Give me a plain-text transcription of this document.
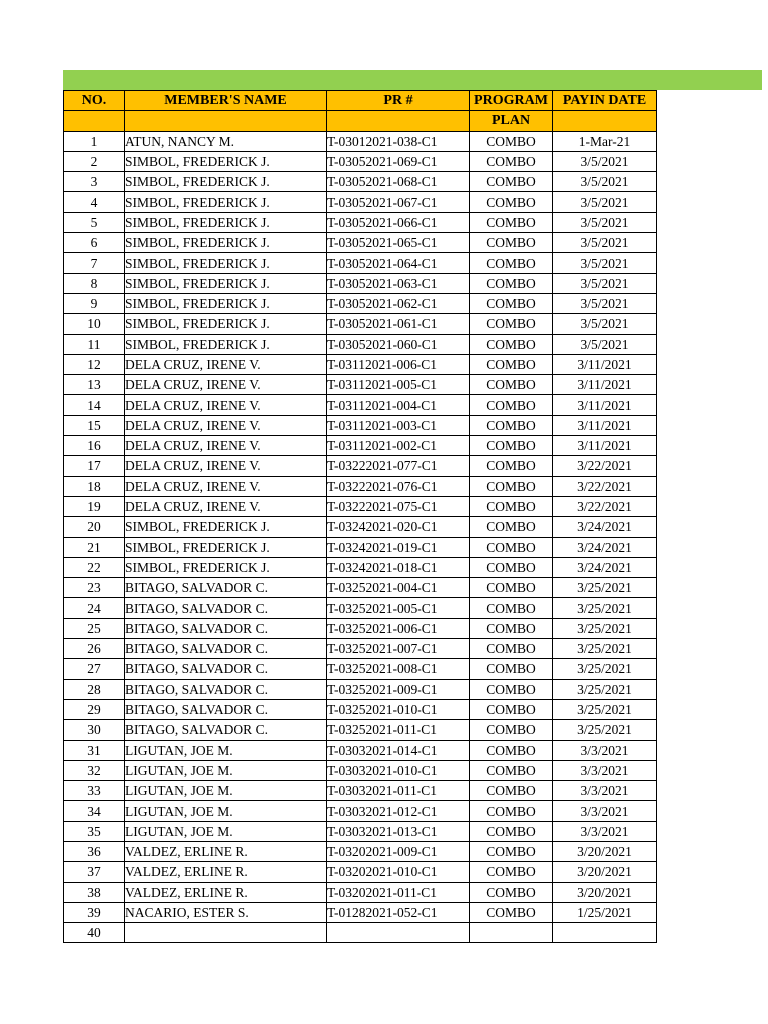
NO.	MEMBER'S NAME	PR #	PROGRAM	PAYIN DATE
			PLAN	
1	ATUN, NANCY M.	T-03012021-038-C1	COMBO	1-Mar-21
2	SIMBOL, FREDERICK J.	T-03052021-069-C1	COMBO	3/5/2021
3	SIMBOL, FREDERICK J.	T-03052021-068-C1	COMBO	3/5/2021
4	SIMBOL, FREDERICK J.	T-03052021-067-C1	COMBO	3/5/2021
5	SIMBOL, FREDERICK J.	T-03052021-066-C1	COMBO	3/5/2021
6	SIMBOL, FREDERICK J.	T-03052021-065-C1	COMBO	3/5/2021
7	SIMBOL, FREDERICK J.	T-03052021-064-C1	COMBO	3/5/2021
8	SIMBOL, FREDERICK J.	T-03052021-063-C1	COMBO	3/5/2021
9	SIMBOL, FREDERICK J.	T-03052021-062-C1	COMBO	3/5/2021
10	SIMBOL, FREDERICK J.	T-03052021-061-C1	COMBO	3/5/2021
11	SIMBOL, FREDERICK J.	T-03052021-060-C1	COMBO	3/5/2021
12	DELA CRUZ, IRENE V.	T-03112021-006-C1	COMBO	3/11/2021
13	DELA CRUZ, IRENE V.	T-03112021-005-C1	COMBO	3/11/2021
14	DELA CRUZ, IRENE V.	T-03112021-004-C1	COMBO	3/11/2021
15	DELA CRUZ, IRENE V.	T-03112021-003-C1	COMBO	3/11/2021
16	DELA CRUZ, IRENE V.	T-03112021-002-C1	COMBO	3/11/2021
17	DELA CRUZ, IRENE V.	T-03222021-077-C1	COMBO	3/22/2021
18	DELA CRUZ, IRENE V.	T-03222021-076-C1	COMBO	3/22/2021
19	DELA CRUZ, IRENE V.	T-03222021-075-C1	COMBO	3/22/2021
20	SIMBOL, FREDERICK J.	T-03242021-020-C1	COMBO	3/24/2021
21	SIMBOL, FREDERICK J.	T-03242021-019-C1	COMBO	3/24/2021
22	SIMBOL, FREDERICK J.	T-03242021-018-C1	COMBO	3/24/2021
23	BITAGO, SALVADOR C.	T-03252021-004-C1	COMBO	3/25/2021
24	BITAGO, SALVADOR C.	T-03252021-005-C1	COMBO	3/25/2021
25	BITAGO, SALVADOR C.	T-03252021-006-C1	COMBO	3/25/2021
26	BITAGO, SALVADOR C.	T-03252021-007-C1	COMBO	3/25/2021
27	BITAGO, SALVADOR C.	T-03252021-008-C1	COMBO	3/25/2021
28	BITAGO, SALVADOR C.	T-03252021-009-C1	COMBO	3/25/2021
29	BITAGO, SALVADOR C.	T-03252021-010-C1	COMBO	3/25/2021
30	BITAGO, SALVADOR C.	T-03252021-011-C1	COMBO	3/25/2021
31	LIGUTAN, JOE M.	T-03032021-014-C1	COMBO	3/3/2021
32	LIGUTAN, JOE M.	T-03032021-010-C1	COMBO	3/3/2021
33	LIGUTAN, JOE M.	T-03032021-011-C1	COMBO	3/3/2021
34	LIGUTAN, JOE M.	T-03032021-012-C1	COMBO	3/3/2021
35	LIGUTAN, JOE M.	T-03032021-013-C1	COMBO	3/3/2021
36	VALDEZ, ERLINE R.	T-03202021-009-C1	COMBO	3/20/2021
37	VALDEZ, ERLINE R.	T-03202021-010-C1	COMBO	3/20/2021
38	VALDEZ, ERLINE R.	T-03202021-011-C1	COMBO	3/20/2021
39	NACARIO, ESTER S.	T-01282021-052-C1	COMBO	1/25/2021
40				
